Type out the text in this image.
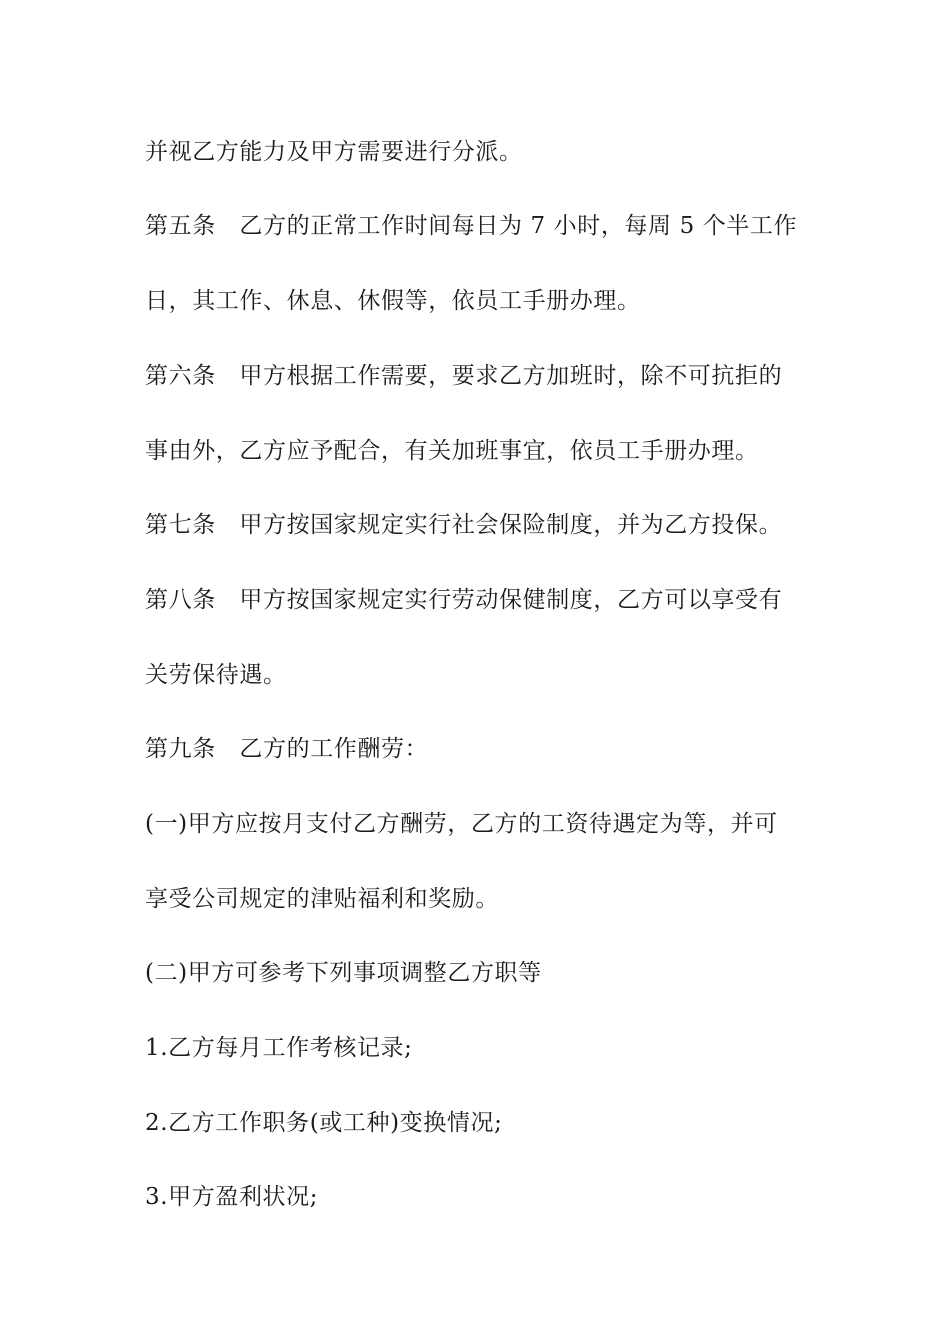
并视乙方能力及甲方需要进行分派。
第五条　乙方的正常工作时间每日为 7 小时，每周 5 个半工作
日，其工作、休息、休假等，依员工手册办理。
第六条　甲方根据工作需要，要求乙方加班时，除不可抗拒的
事由外，乙方应予配合，有关加班事宜，依员工手册办理。
第七条　甲方按国家规定实行社会保险制度，并为乙方投保。
第八条　甲方按国家规定实行劳动保健制度，乙方可以享受有
关劳保待遇。
第九条　乙方的工作酬劳：
(一)甲方应按月支付乙方酬劳，乙方的工资待遇定为等，并可
享受公司规定的津贴福利和奖励。
(二)甲方可参考下列事项调整乙方职等
1.乙方每月工作考核记录;
2.乙方工作职务(或工种)变换情况;
3.甲方盈利状况;
